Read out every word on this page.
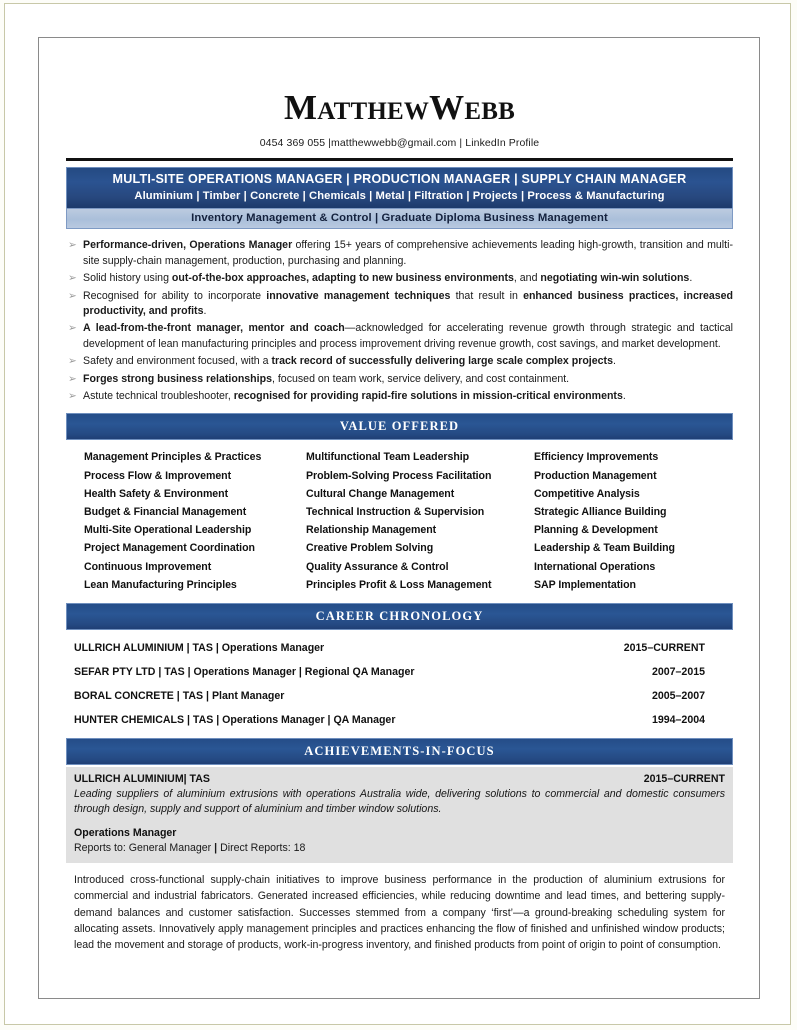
MATTHEWWEBB
0454 369 055 |matthewwebb@gmail.com | LinkedIn Profile
MULTI-SITE OPERATIONS MANAGER | PRODUCTION MANAGER | SUPPLY CHAIN MANAGER
Aluminium | Timber | Concrete | Chemicals | Metal | Filtration | Projects | Process & Manufacturing
Inventory Management & Control | Graduate Diploma Business Management
➢ Performance-driven, Operations Manager offering 15+ years of comprehensive achievements leading high-growth, transition and multi-site supply-chain management, production, purchasing and planning.
➢ Solid history using out-of-the-box approaches, adapting to new business environments, and negotiating win-win solutions.
➢ Recognised for ability to incorporate innovative management techniques that result in enhanced business practices, increased productivity, and profits.
➢ A lead-from-the-front manager, mentor and coach—acknowledged for accelerating revenue growth through strategic and tactical development of lean manufacturing principles and process improvement driving revenue growth, cost savings, and market development.
➢ Safety and environment focused, with a track record of successfully delivering large scale complex projects.
➢ Forges strong business relationships, focused on team work, service delivery, and cost containment.
➢ Astute technical troubleshooter, recognised for providing rapid-fire solutions in mission-critical environments.
VALUE OFFERED
Management Principles & Practices	Multifunctional Team Leadership	Efficiency Improvements
Process Flow & Improvement	Problem-Solving Process Facilitation	Production Management
Health Safety & Environment	Cultural Change Management	Competitive Analysis
Budget & Financial Management	Technical Instruction & Supervision	Strategic Alliance Building
Multi-Site Operational Leadership	Relationship Management	Planning & Development
Project Management Coordination	Creative Problem Solving	Leadership & Team Building
Continuous Improvement	Quality Assurance & Control	International Operations
Lean Manufacturing Principles	Principles Profit & Loss Management	SAP Implementation
CAREER CHRONOLOGY
ULLRICH ALUMINIUM | TAS | Operations Manager	2015–CURRENT
SEFAR PTY LTD | TAS | Operations Manager | Regional QA Manager	2007–2015
BORAL CONCRETE | TAS | Plant Manager	2005–2007
HUNTER CHEMICALS | TAS | Operations Manager | QA Manager	1994–2004
ACHIEVEMENTS-IN-FOCUS
ULLRICH ALUMINIUM| TAS	2015–CURRENT
Leading suppliers of aluminium extrusions with operations Australia wide, delivering solutions to commercial and domestic consumers through design, supply and support of aluminium and timber window solutions.
Operations Manager
Reports to: General Manager | Direct Reports: 18
Introduced cross-functional supply-chain initiatives to improve business performance in the production of aluminium extrusions for commercial and industrial fabricators. Generated increased efficiencies, while reducing downtime and lead times, and bettering supply-demand balances and customer satisfaction. Successes stemmed from a company ‘first’—a ground-breaking scheduling system for allocating assets. Innovatively apply management principles and practices enhancing the flow of finished and unfinished window products; lead the movement and storage of products, work-in-progress inventory, and finished products from point of origin to point of consumption.
